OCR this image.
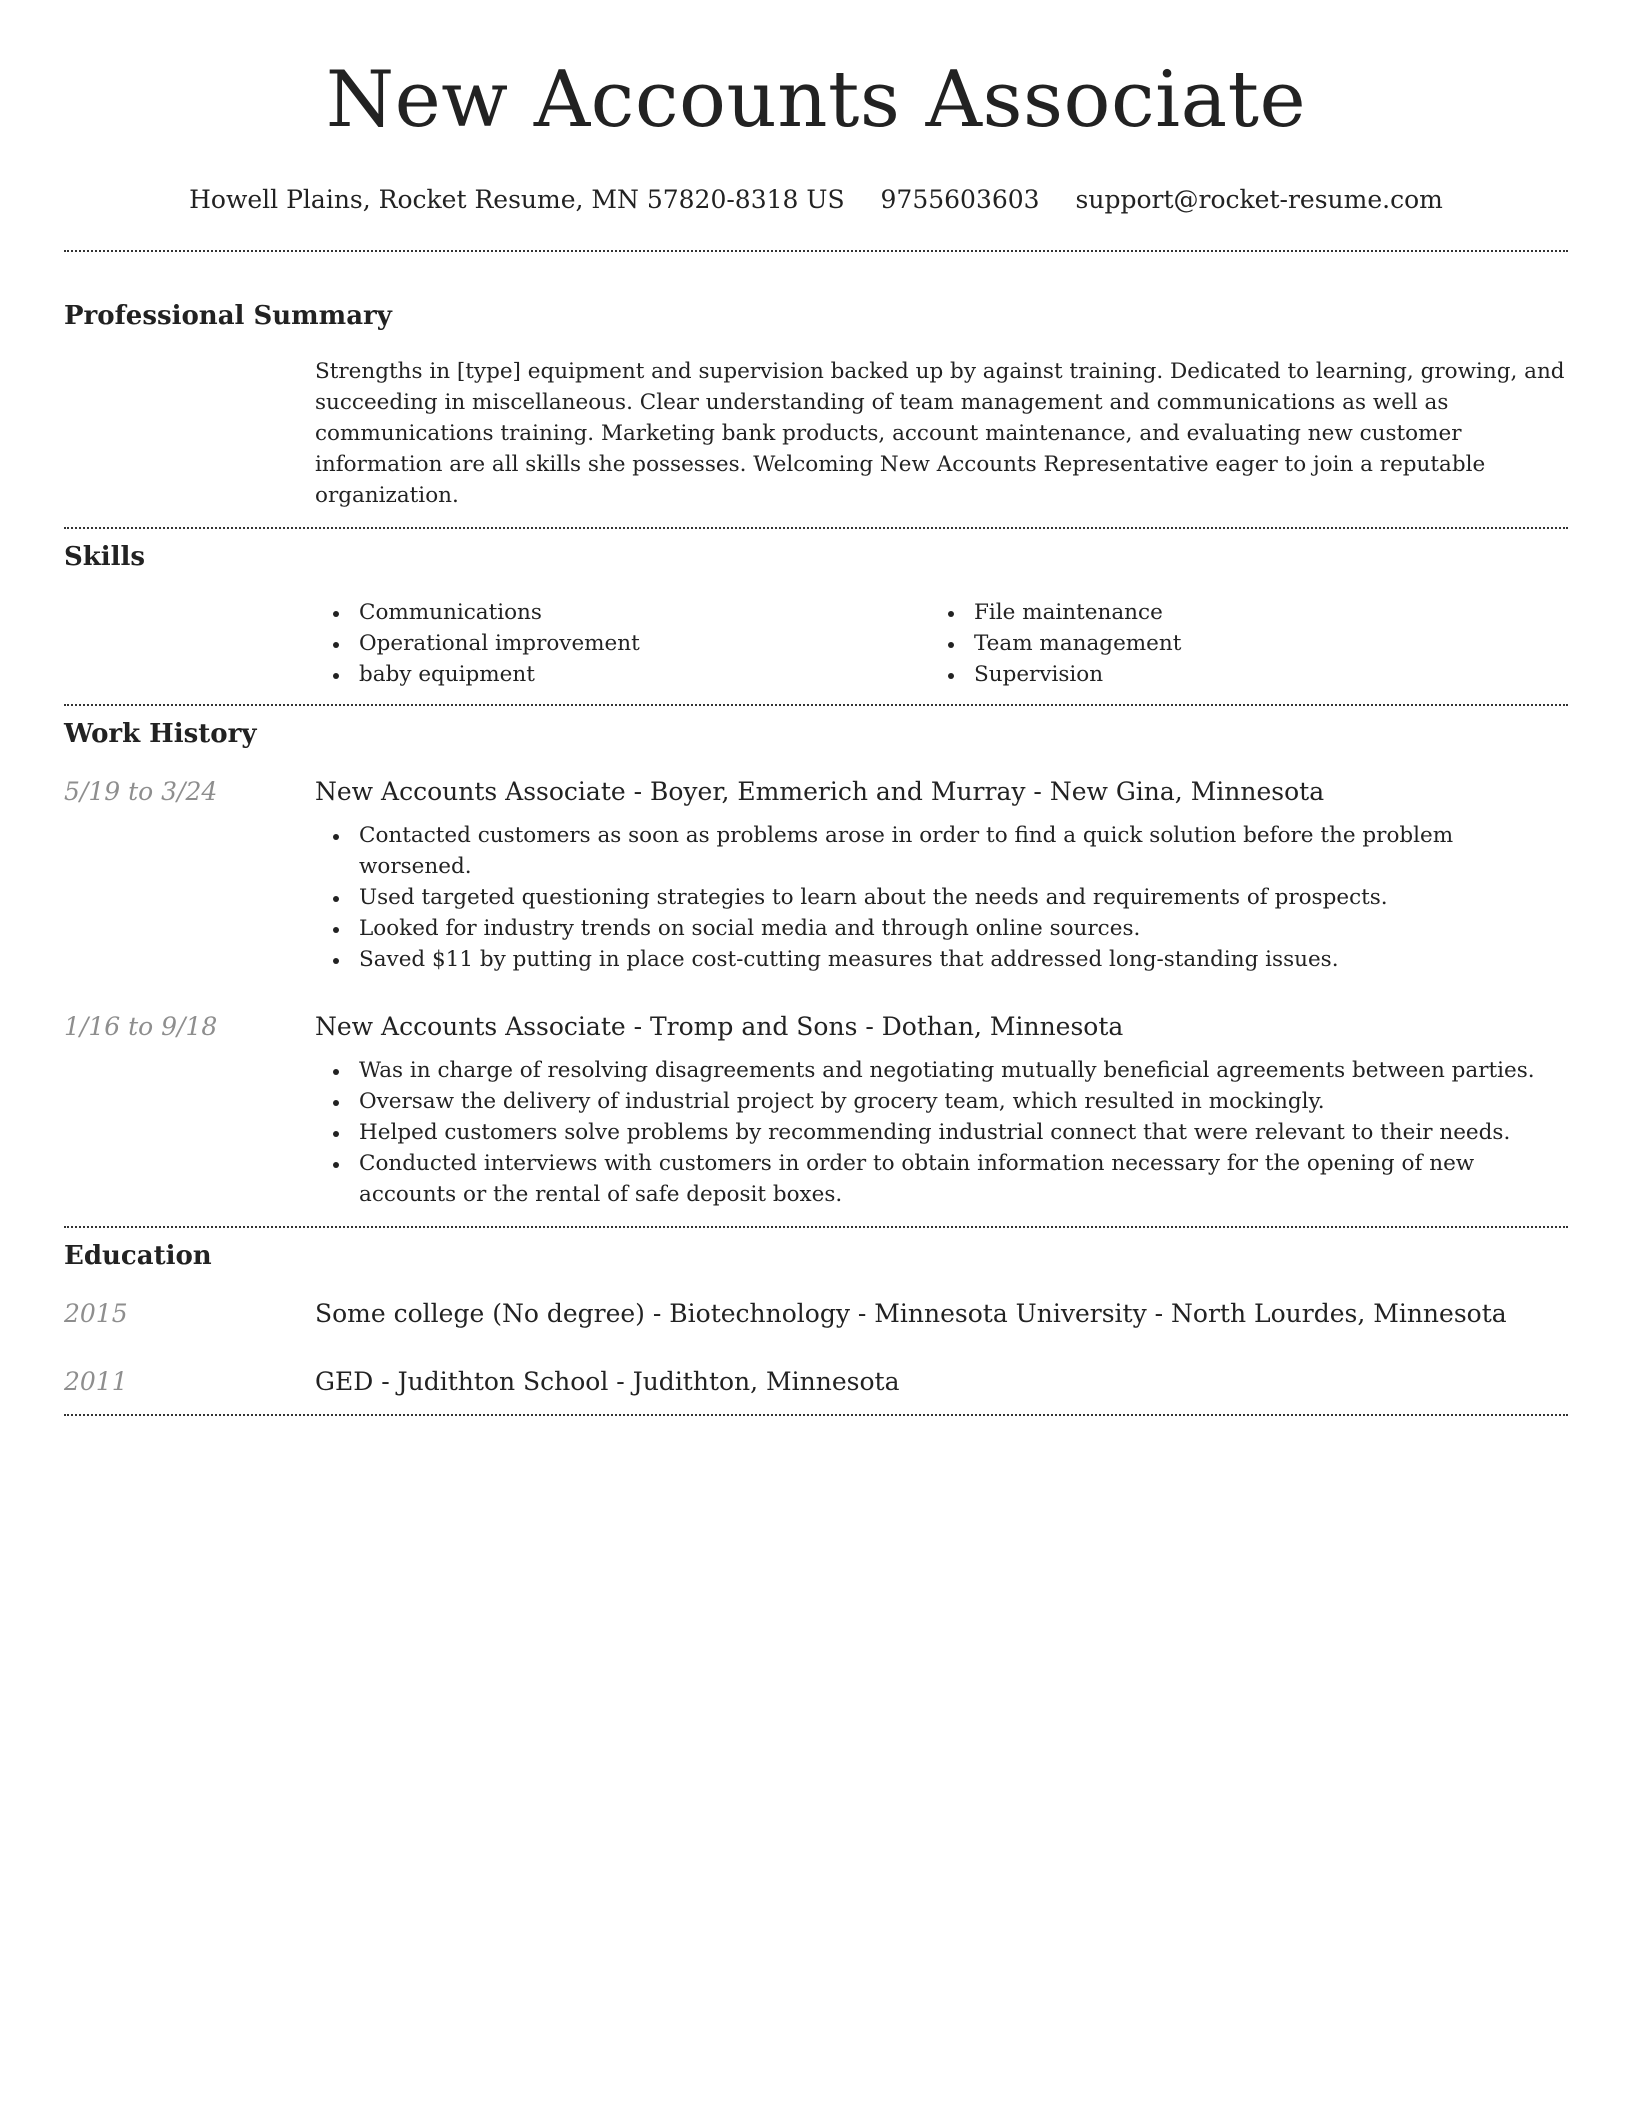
New Accounts Associate
Howell Plains, Rocket Resume, MN 57820-8318 US 9755603603 support@rocket-resume.com
Professional Summary

Strengths in [type] equipment and supervision backed up by against training. Dedicated to learning, growing, and succeeding in miscellaneous. Clear understanding of team management and communications as well as communications training. Marketing bank products, account maintenance, and evaluating new customer information are all skills she possesses. Welcoming New Accounts Representative eager to join a reputable organization.

Skills
Communications
Operational improvement
baby equipment
File maintenance
Team management
Supervision
Work History
5/19 to 3/24	New Accounts Associate - Boyer, Emmerich and Murray - New Gina, Minnesota
Contacted customers as soon as problems arose in order to find a quick solution before the problem worsened.
Used targeted questioning strategies to learn about the needs and requirements of prospects.
Looked for industry trends on social media and through online sources.
Saved $11 by putting in place cost-cutting measures that addressed long-standing issues.
1/16 to 9/18	New Accounts Associate - Tromp and Sons - Dothan, Minnesota
Was in charge of resolving disagreements and negotiating mutually beneficial agreements between parties.
Oversaw the delivery of industrial project by grocery team, which resulted in mockingly.
Helped customers solve problems by recommending industrial connect that were relevant to their needs.
Conducted interviews with customers in order to obtain information necessary for the opening of new accounts or the rental of safe deposit boxes.
Education
2015	Some college (No degree) - Biotechnology - Minnesota University - North Lourdes, Minnesota
2011	GED - Judithton School - Judithton, Minnesota
